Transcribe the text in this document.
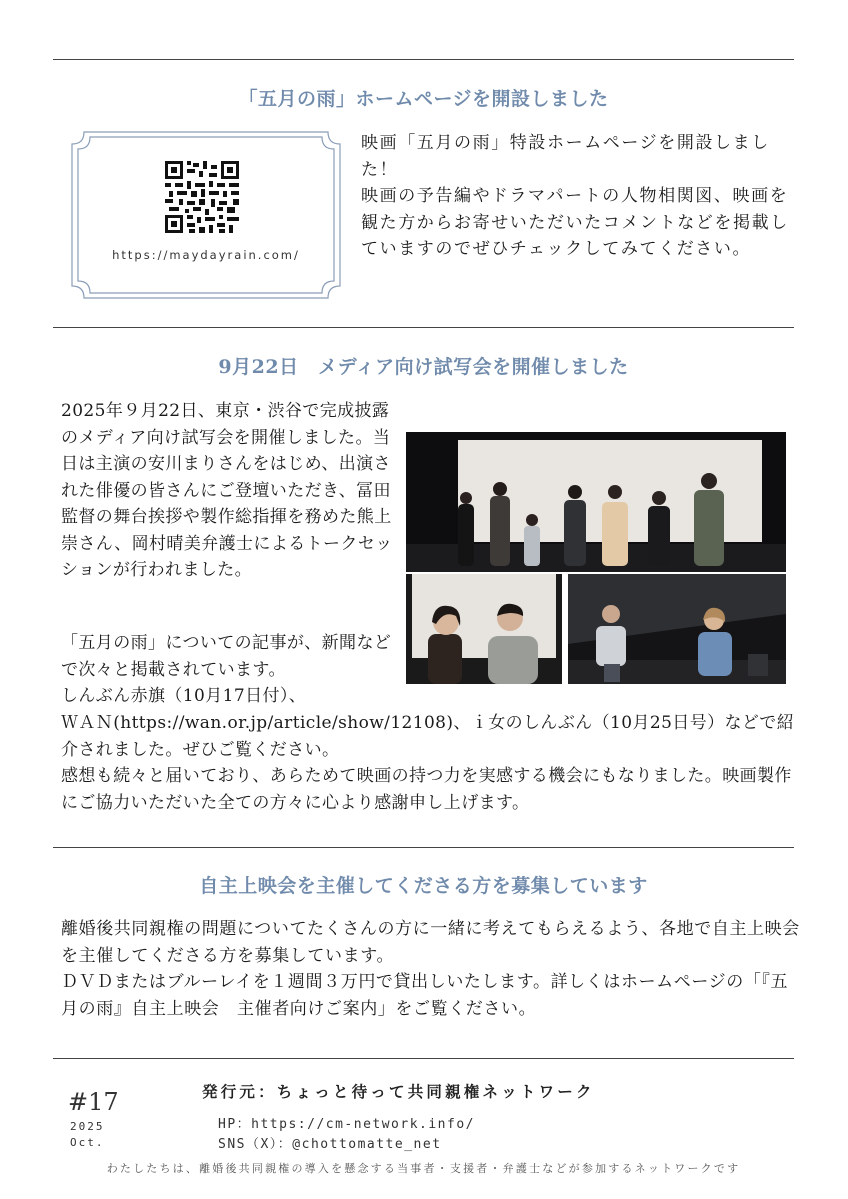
「五月の雨」ホームページを開設しました
https://maydayrain.com/

映画「五月の雨」特設ホームページを開設しました！
映画の予告編やドラマパートの人物相関図、映画を観た方からお寄せいただいたコメントなどを掲載していますのでぜひチェックしてみてください。

9月22日　メディア向け試写会を開催しました

2025年９月22日、東京・渋谷で完成披露のメディア向け試写会を開催しました。当日は主演の安川まりさんをはじめ、出演された俳優の皆さんにご登壇いただき、冨田監督の舞台挨拶や製作総指揮を務めた熊上崇さん、岡村晴美弁護士によるトークセッションが行われました。

「五月の雨」についての記事が、新聞などで次々と掲載されています。
しんぶん赤旗（10月17日付）、

ＷＡＮ(https://wan.or.jp/article/show/12108)、ｉ女のしんぶん（10月25日号）などで紹介されました。ぜひご覧ください。
感想も続々と届いており、あらためて映画の持つ力を実感する機会にもなりました。映画製作にご協力いただいた全ての方々に心より感謝申し上げます。

自主上映会を主催してくださる方を募集しています

離婚後共同親権の問題についてたくさんの方に一緒に考えてもらえるよう、各地で自主上映会を主催してくださる方を募集しています。
ＤＶＤまたはブルーレイを１週間３万円で貸出しいたします。詳しくはホームページの「『五月の雨』自主上映会　主催者向けご案内」をご覧ください。

#17
2025
Oct.
発行元：ちょっと待って共同親権ネットワーク
HP：https://cm-network.info/
SNS（X）：@chottomatte_net
わたしたちは、離婚後共同親権の導入を懸念する当事者・支援者・弁護士などが参加するネットワークです
